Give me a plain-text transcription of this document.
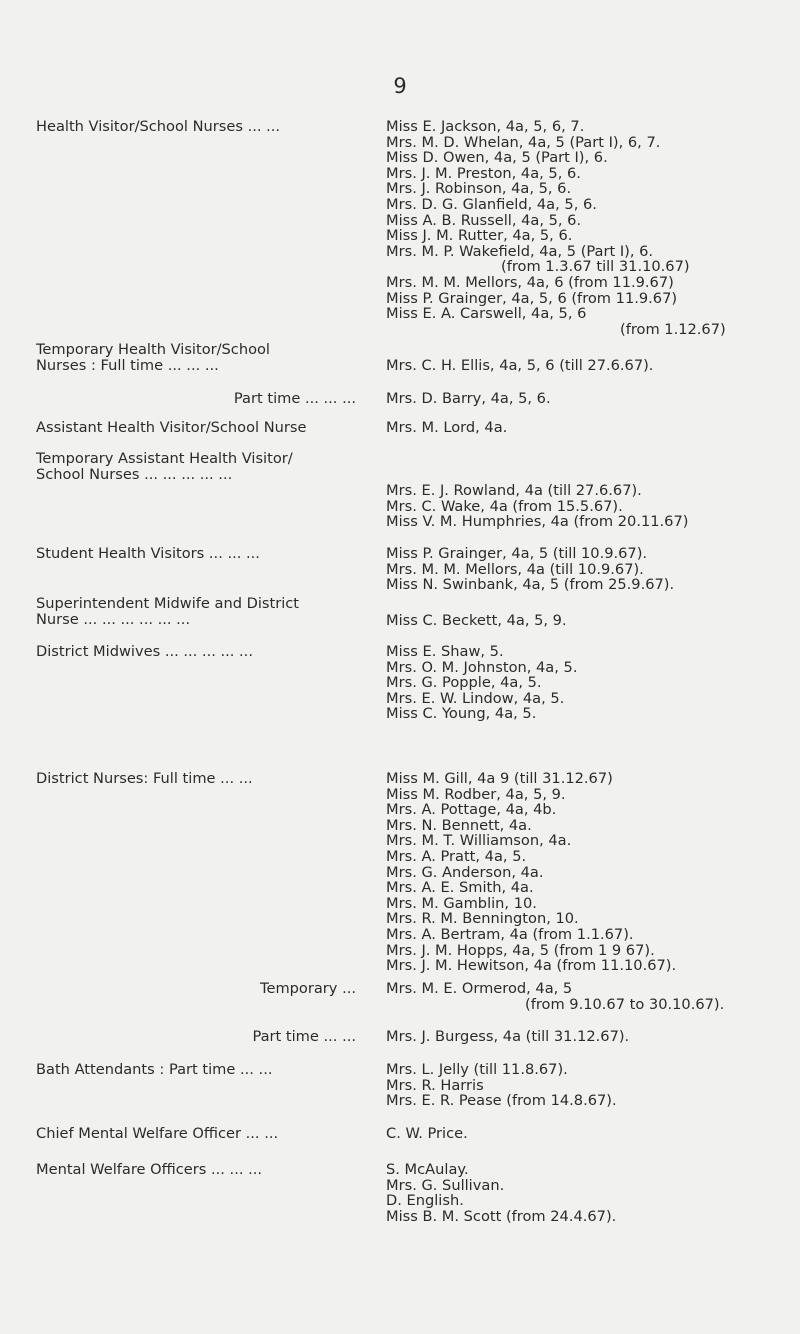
9
Health Visitor/School Nurses ... ...	Miss E. Jackson, 4a, 5, 6, 7.
Mrs. M. D. Whelan, 4a, 5 (Part I), 6, 7.
Miss D. Owen, 4a, 5 (Part I), 6.
Mrs. J. M. Preston, 4a, 5, 6.
Mrs. J. Robinson, 4a, 5, 6.
Mrs. D. G. Glanfield, 4a, 5, 6.
Miss A. B. Russell, 4a, 5, 6.
Miss J. M. Rutter, 4a, 5, 6.
Mrs. M. P. Wakefield, 4a, 5 (Part I), 6.
(from 1.3.67 till 31.10.67)
Mrs. M. M. Mellors, 4a, 6 (from 11.9.67)
Miss P. Grainger, 4a, 5, 6 (from 11.9.67)
Miss E. A. Carswell, 4a, 5, 6
(from 1.12.67)
Temporary Health Visitor/School
Nurses : Full time ... ... ...	Mrs. C. H. Ellis, 4a, 5, 6 (till 27.6.67).
Part time ... ... ... Mrs. D. Barry, 4a, 5, 6.
Assistant Health Visitor/School Nurse	Mrs. M. Lord, 4a.
Temporary Assistant Health Visitor/
School Nurses ... ... ... ... ...
Mrs. E. J. Rowland, 4a (till 27.6.67).
Mrs. C. Wake, 4a (from 15.5.67).
Miss V. M. Humphries, 4a (from 20.11.67)
Student Health Visitors ... ... ...	Miss P. Grainger, 4a, 5 (till 10.9.67).
Mrs. M. M. Mellors, 4a (till 10.9.67).
Miss N. Swinbank, 4a, 5 (from 25.9.67).
Superintendent Midwife and District
Nurse ... ... ... ... ... ...	Miss C. Beckett, 4a, 5, 9.
District Midwives ... ... ... ... ...	Miss E. Shaw, 5.
Mrs. O. M. Johnston, 4a, 5.
Mrs. G. Popple, 4a, 5.
Mrs. E. W. Lindow, 4a, 5.
Miss C. Young, 4a, 5.
District Nurses: Full time ... ...	Miss M. Gill, 4a 9 (till 31.12.67)
Miss M. Rodber, 4a, 5, 9.
Mrs. A. Pottage, 4a, 4b.
Mrs. N. Bennett, 4a.
Mrs. M. T. Williamson, 4a.
Mrs. A. Pratt, 4a, 5.
Mrs. G. Anderson, 4a.
Mrs. A. E. Smith, 4a.
Mrs. M. Gamblin, 10.
Mrs. R. M. Bennington, 10.
Mrs. A. Bertram, 4a (from 1.1.67).
Mrs. J. M. Hopps, 4a, 5 (from 1 9 67).
Mrs. J. M. Hewitson, 4a (from 11.10.67).
Temporary ... Mrs. M. E. Ormerod, 4a, 5
(from 9.10.67 to 30.10.67).
Part time ... ... Mrs. J. Burgess, 4a (till 31.12.67).
Bath Attendants : Part time ... ...	Mrs. L. Jelly (till 11.8.67).
Mrs. R. Harris
Mrs. E. R. Pease (from 14.8.67).
Chief Mental Welfare Officer ... ...	C. W. Price.
Mental Welfare Officers ... ... ...	S. McAulay.
Mrs. G. Sullivan.
D. English.
Miss B. M. Scott (from 24.4.67).
